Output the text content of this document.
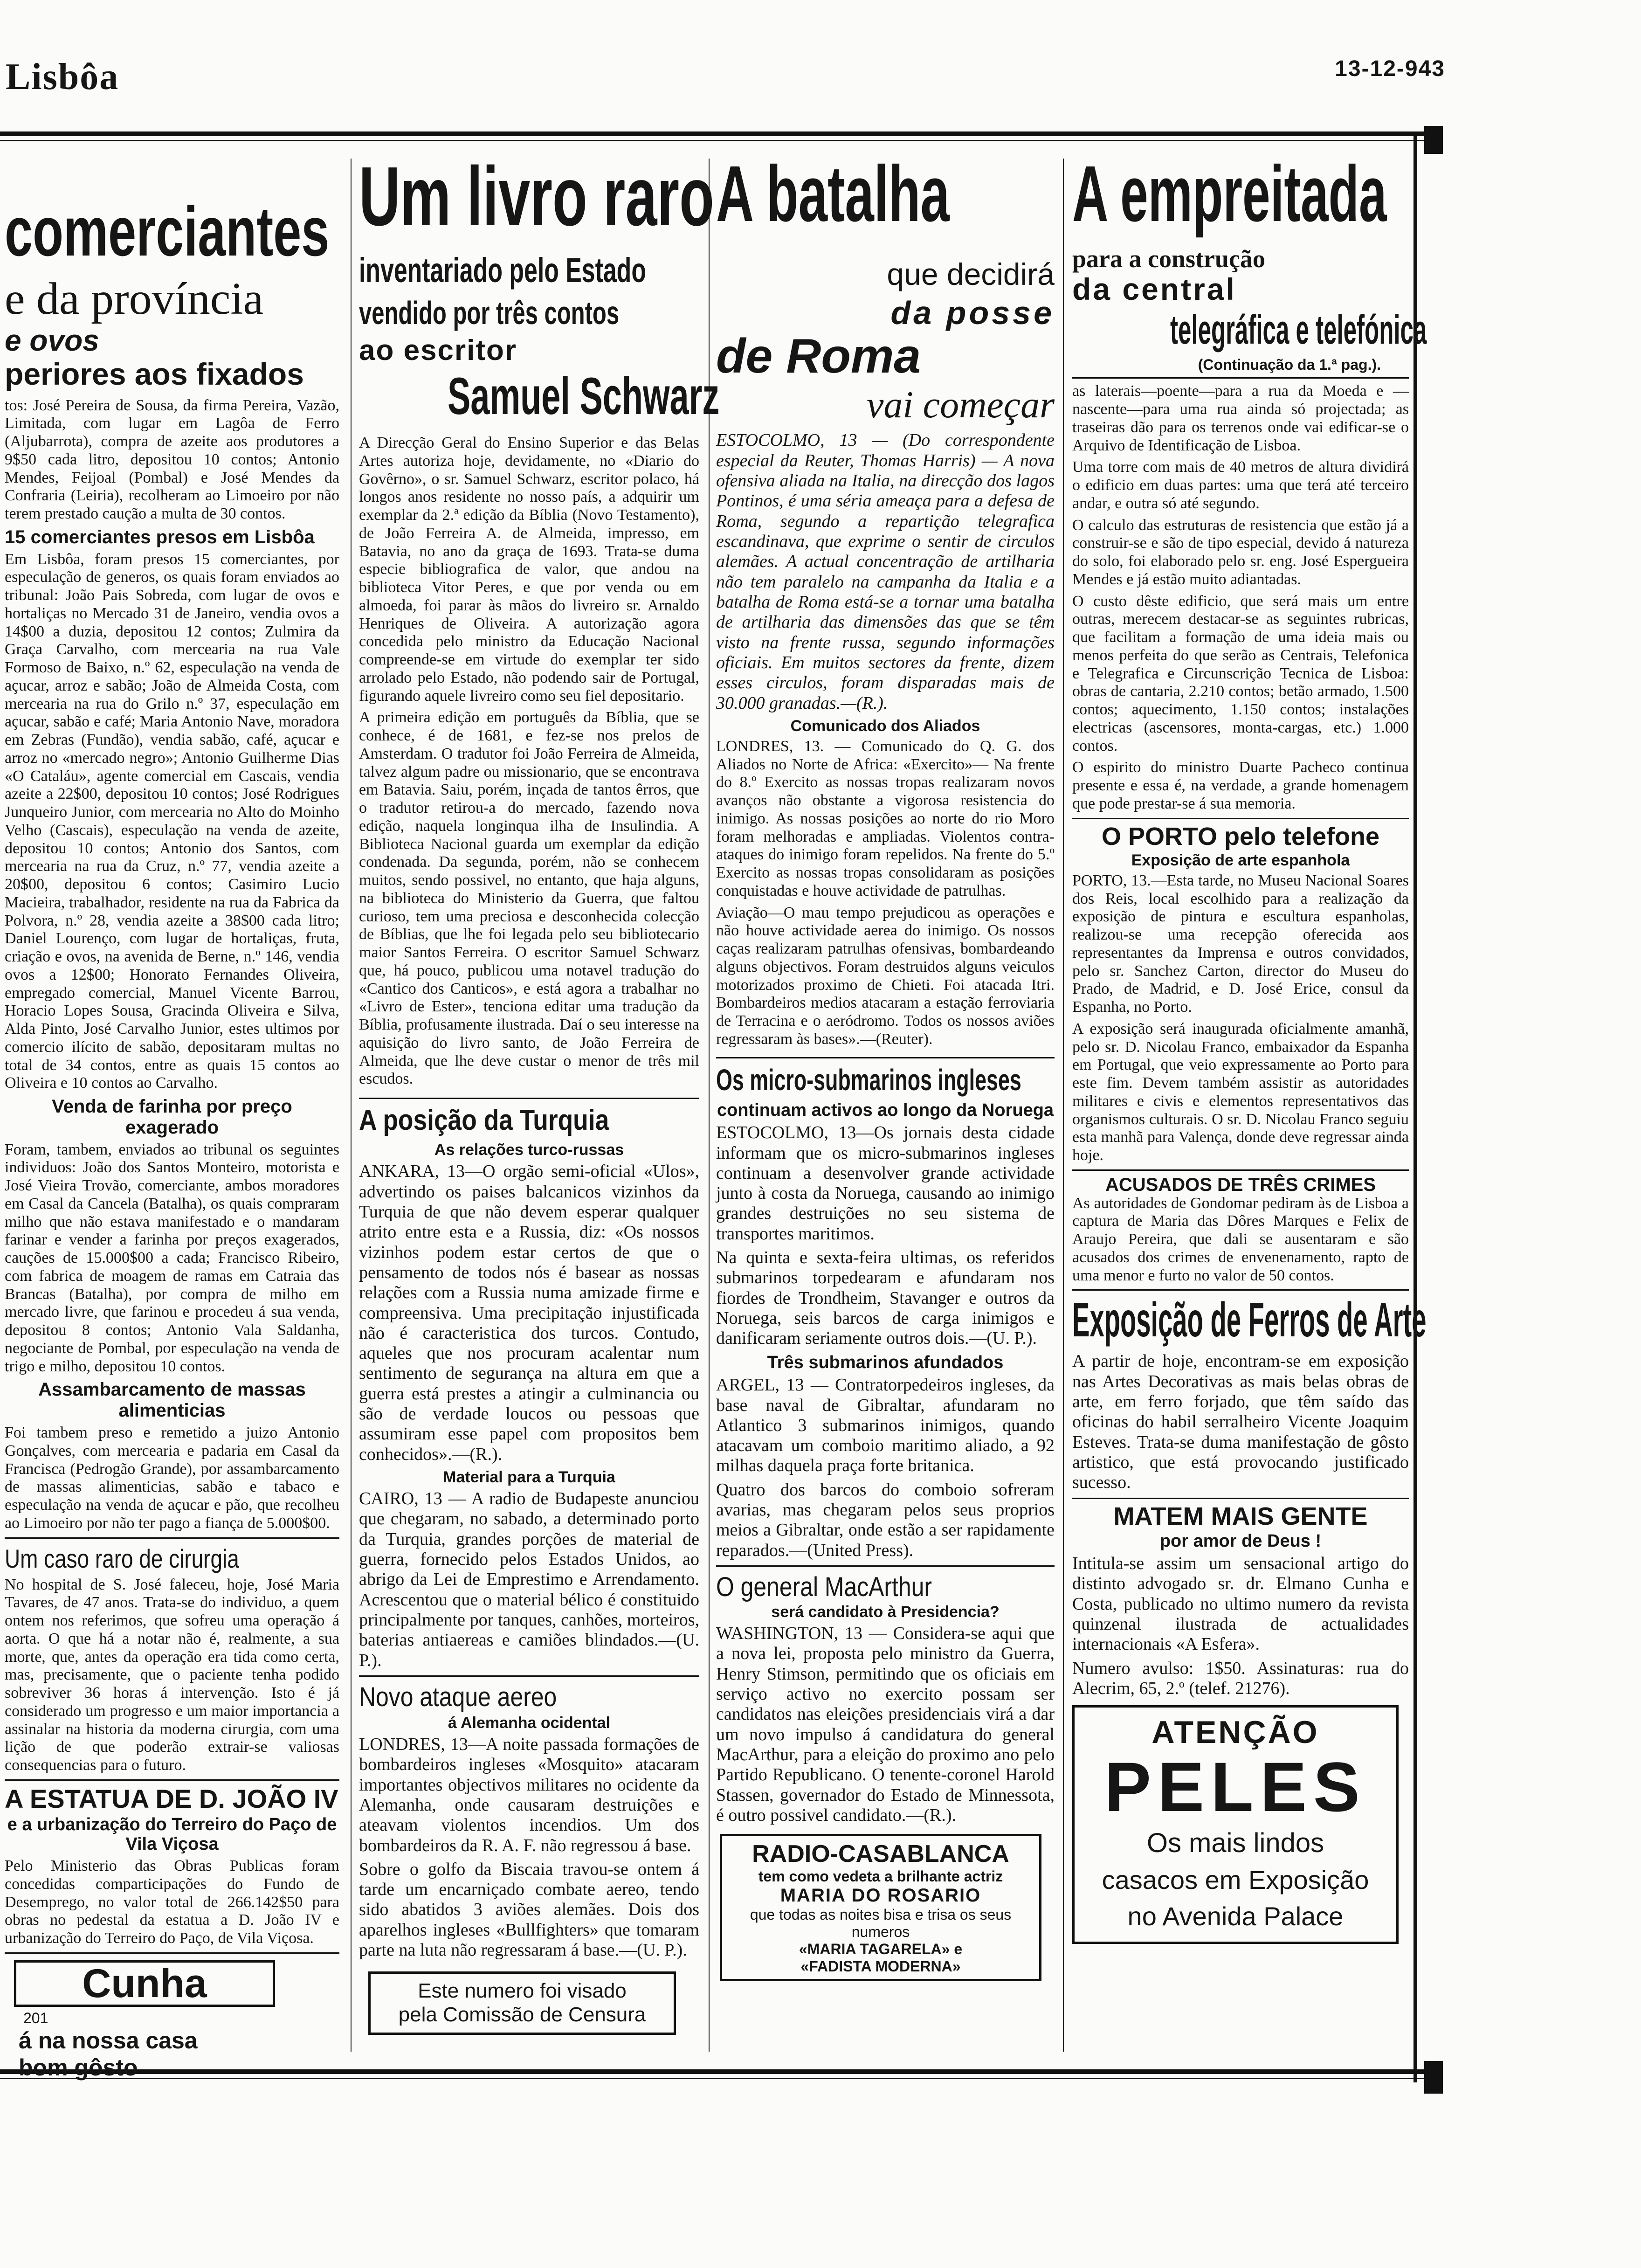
Lisbôa	13-12-943
comerciantes
e da província
e ovos
periores aos fixados

tos: José Pereira de Sousa, da firma Pereira, Vazão, Limitada, com lugar em Lagôa de Ferro (Aljubarrota), compra de azeite aos produtores a 9$50 cada litro, depositou 10 contos; Antonio Mendes, Feijoal (Pombal) e José Mendes da Confraria (Leiria), recolheram ao Limoeiro por não terem prestado caução a multa de 30 contos.

15 comerciantes presos em Lisbôa

Em Lisbôa, foram presos 15 comerciantes, por especulação de generos, os quais foram enviados ao tribunal: João Pais Sobreda, com lugar de ovos e hortaliças no Mercado 31 de Janeiro, vendia ovos a 14$00 a duzia, depositou 12 contos; Zulmira da Graça Carvalho, com mercearia na rua Vale Formoso de Baixo, n.º 62, especulação na venda de açucar, arroz e sabão; João de Almeida Costa, com mercearia na rua do Grilo n.º 37, especulação em açucar, sabão e café; Maria Antonio Nave, moradora em Zebras (Fundão), vendia sabão, café, açucar e arroz no «mercado negro»; Antonio Guilherme Dias «O Cataláu», agente comercial em Cascais, vendia azeite a 22$00, depositou 10 contos; José Rodrigues Junqueiro Junior, com mercearia no Alto do Moinho Velho (Cascais), especulação na venda de azeite, depositou 10 contos; Antonio dos Santos, com mercearia na rua da Cruz, n.º 77, vendia azeite a 20$00, depositou 6 contos; Casimiro Lucio Macieira, trabalhador, residente na rua da Fabrica da Polvora, n.º 28, vendia azeite a 38$00 cada litro; Daniel Lourenço, com lugar de hortaliças, fruta, criação e ovos, na avenida de Berne, n.º 146, vendia ovos a 12$00; Honorato Fernandes Oliveira, empregado comercial, Manuel Vicente Barrou, Horacio Lopes Sousa, Gracinda Oliveira e Silva, Alda Pinto, José Carvalho Junior, estes ultimos por comercio ilícito de sabão, depositaram multas no total de 34 contos, entre as quais 15 contos ao Oliveira e 10 contos ao Carvalho.

Venda de farinha por preço exagerado

Foram, tambem, enviados ao tribunal os seguintes individuos: João dos Santos Monteiro, motorista e José Vieira Trovão, comerciante, ambos moradores em Casal da Cancela (Batalha), os quais compraram milho que não estava manifestado e o mandaram farinar e vender a farinha por preços exagerados, cauções de 15.000$00 a cada; Francisco Ribeiro, com fabrica de moagem de ramas em Catraia das Brancas (Batalha), por compra de milho em mercado livre, que farinou e procedeu á sua venda, depositou 8 contos; Antonio Vala Saldanha, negociante de Pombal, por especulação na venda de trigo e milho, depositou 10 contos.

Assambarcamento de massas alimenticias

Foi tambem preso e remetido a juizo Antonio Gonçalves, com mercearia e padaria em Casal da Francisca (Pedrogão Grande), por assambarcamento de massas alimenticias, sabão e tabaco e especulação na venda de açucar e pão, que recolheu ao Limoeiro por não ter pago a fiança de 5.000$00.

Um caso raro de cirurgia

No hospital de S. José faleceu, hoje, José Maria Tavares, de 47 anos. Trata-se do individuo, a quem ontem nos referimos, que sofreu uma operação á aorta. O que há a notar não é, realmente, a sua morte, que, antes da operação era tida como certa, mas, precisamente, que o paciente tenha podido sobreviver 36 horas á intervenção. Isto é já considerado um progresso e um maior importancia a assinalar na historia da moderna cirurgia, com uma lição de que poderão extrair-se valiosas consequencias para o futuro.

A ESTATUA DE D. JOÃO IV
e a urbanização do Terreiro do Paço de Vila Viçosa

Pelo Ministerio das Obras Publicas foram concedidas comparticipações do Fundo de Desemprego, no valor total de 266.142$50 para obras no pedestal da estatua a D. João IV e urbanização do Terreiro do Paço, de Vila Viçosa.

Cunha
201
á na nossa casa
bom gôsto
Um livro raro
inventariado pelo Estado
vendido por três contos
ao escritor
Samuel Schwarz

A Direcção Geral do Ensino Superior e das Belas Artes autoriza hoje, devidamente, no «Diario do Govêrno», o sr. Samuel Schwarz, escritor polaco, há longos anos residente no nosso país, a adquirir um exemplar da 2.ª edição da Bíblia (Novo Testamento), de João Ferreira A. de Almeida, impresso, em Batavia, no ano da graça de 1693. Trata-se duma especie bibliografica de valor, que andou na biblioteca Vitor Peres, e que por venda ou em almoeda, foi parar às mãos do livreiro sr. Arnaldo Henriques de Oliveira. A autorização agora concedida pelo ministro da Educação Nacional compreende-se em virtude do exemplar ter sido arrolado pelo Estado, não podendo sair de Portugal, figurando aquele livreiro como seu fiel depositario.

A primeira edição em português da Bíblia, que se conhece, é de 1681, e fez-se nos prelos de Amsterdam. O tradutor foi João Ferreira de Almeida, talvez algum padre ou missionario, que se encontrava em Batavia. Saiu, porém, inçada de tantos êrros, que o tradutor retirou-a do mercado, fazendo nova edição, naquela longinqua ilha de Insulindia. A Biblioteca Nacional guarda um exemplar da edição condenada. Da segunda, porém, não se conhecem muitos, sendo possivel, no entanto, que haja alguns, na biblioteca do Ministerio da Guerra, que faltou curioso, tem uma preciosa e desconhecida colecção de Bíblias, que lhe foi legada pelo seu bibliotecario maior Santos Ferreira. O escritor Samuel Schwarz que, há pouco, publicou uma notavel tradução do «Cantico dos Canticos», e está agora a trabalhar no «Livro de Ester», tenciona editar uma tradução da Bíblia, profusamente ilustrada. Daí o seu interesse na aquisição do livro santo, de João Ferreira de Almeida, que lhe deve custar o menor de três mil escudos.

A posição da Turquia
As relações turco-russas

ANKARA, 13—O orgão semi-oficial «Ulos», advertindo os paises balcanicos vizinhos da Turquia de que não devem esperar qualquer atrito entre esta e a Russia, diz: «Os nossos vizinhos podem estar certos de que o pensamento de todos nós é basear as nossas relações com a Russia numa amizade firme e compreensiva. Uma precipitação injustificada não é caracteristica dos turcos. Contudo, aqueles que nos procuram acalentar num sentimento de segurança na altura em que a guerra está prestes a atingir a culminancia ou são de verdade loucos ou pessoas que assumiram esse papel com propositos bem conhecidos».—(R.).

Material para a Turquia

CAIRO, 13 — A radio de Budapeste anunciou que chegaram, no sabado, a determinado porto da Turquia, grandes porções de material de guerra, fornecido pelos Estados Unidos, ao abrigo da Lei de Emprestimo e Arrendamento. Acrescentou que o material bélico é constituido principalmente por tanques, canhões, morteiros, baterias antiaereas e camiões blindados.—(U. P.).

Novo ataque aereo
á Alemanha ocidental

LONDRES, 13—A noite passada formações de bombardeiros ingleses «Mosquito» atacaram importantes objectivos militares no ocidente da Alemanha, onde causaram destruições e ateavam violentos incendios. Um dos bombardeiros da R. A. F. não regressou á base.

Sobre o golfo da Biscaia travou-se ontem á tarde um encarniçado combate aereo, tendo sido abatidos 3 aviões alemães. Dois dos aparelhos ingleses «Bullfighters» que tomaram parte na luta não regressaram á base.—(U. P.).

Este numero foi visado
pela Comissão de Censura
A batalha
que decidirá
da posse
de Roma
vai começar

ESTOCOLMO, 13 — (Do correspondente especial da Reuter, Thomas Harris) — A nova ofensiva aliada na Italia, na direcção dos lagos Pontinos, é uma séria ameaça para a defesa de Roma, segundo a repartição telegrafica escandinava, que exprime o sentir de circulos alemães. A actual concentração de artilharia não tem paralelo na campanha da Italia e a batalha de Roma está-se a tornar uma batalha de artilharia das dimensões das que se têm visto na frente russa, segundo informações oficiais. Em muitos sectores da frente, dizem esses circulos, foram disparadas mais de 30.000 granadas.—(R.).

Comunicado dos Aliados

LONDRES, 13. — Comunicado do Q. G. dos Aliados no Norte de Africa: «Exercito»— Na frente do 8.º Exercito as nossas tropas realizaram novos avanços não obstante a vigorosa resistencia do inimigo. As nossas posições ao norte do rio Moro foram melhoradas e ampliadas. Violentos contra-ataques do inimigo foram repelidos. Na frente do 5.º Exercito as nossas tropas consolidaram as posições conquistadas e houve actividade de patrulhas.

Aviação—O mau tempo prejudicou as operações e não houve actividade aerea do inimigo. Os nossos caças realizaram patrulhas ofensivas, bombardeando alguns objectivos. Foram destruidos alguns veiculos motorizados proximo de Chieti. Foi atacada Itri. Bombardeiros medios atacaram a estação ferroviaria de Terracina e o aeródromo. Todos os nossos aviões regressaram às bases».—(Reuter).

Os micro-submarinos ingleses
continuam activos ao longo da Noruega

ESTOCOLMO, 13—Os jornais desta cidade informam que os micro-submarinos ingleses continuam a desenvolver grande actividade junto à costa da Noruega, causando ao inimigo grandes destruições no seu sistema de transportes maritimos.

Na quinta e sexta-feira ultimas, os referidos submarinos torpedearam e afundaram nos fiordes de Trondheim, Stavanger e outros da Noruega, seis barcos de carga inimigos e danificaram seriamente outros dois.—(U. P.).

Três submarinos afundados

ARGEL, 13 — Contratorpedeiros ingleses, da base naval de Gibraltar, afundaram no Atlantico 3 submarinos inimigos, quando atacavam um comboio maritimo aliado, a 92 milhas daquela praça forte britanica.

Quatro dos barcos do comboio sofreram avarias, mas chegaram pelos seus proprios meios a Gibraltar, onde estão a ser rapidamente reparados.—(United Press).

O general MacArthur
será candidato à Presidencia?

WASHINGTON, 13 — Considera-se aqui que a nova lei, proposta pelo ministro da Guerra, Henry Stimson, permitindo que os oficiais em serviço activo no exercito possam ser candidatos nas eleições presidenciais virá a dar um novo impulso á candidatura do general MacArthur, para a eleição do proximo ano pelo Partido Republicano. O tenente-coronel Harold Stassen, governador do Estado de Minnessota, é outro possivel candidato.—(R.).

RADIO-CASABLANCA
tem como vedeta a brilhante actriz
MARIA DO ROSARIO
que todas as noites bisa e trisa os seus numeros
«MARIA TAGARELA» e
«FADISTA MODERNA»
A empreitada
para a construção
da central
telegráfica e telefónica
(Continuação da 1.ª pag.).

as laterais—poente—para a rua da Moeda e —nascente—para uma rua ainda só projectada; as traseiras dão para os terrenos onde vai edificar-se o Arquivo de Identificação de Lisboa.

Uma torre com mais de 40 metros de altura dividirá o edificio em duas partes: uma que terá até terceiro andar, e outra só até segundo.

O calculo das estruturas de resistencia que estão já a construir-se e são de tipo especial, devido á natureza do solo, foi elaborado pelo sr. eng. José Espergueira Mendes e já estão muito adiantadas.

O custo dêste edificio, que será mais um entre outras, merecem destacar-se as seguintes rubricas, que facilitam a formação de uma ideia mais ou menos perfeita do que serão as Centrais, Telefonica e Telegrafica e Circunscrição Tecnica de Lisboa: obras de cantaria, 2.210 contos; betão armado, 1.500 contos; aquecimento, 1.150 contos; instalações electricas (ascensores, monta-cargas, etc.) 1.000 contos.

O espirito do ministro Duarte Pacheco continua presente e essa é, na verdade, a grande homenagem que pode prestar-se á sua memoria.

O PORTO pelo telefone
Exposição de arte espanhola

PORTO, 13.—Esta tarde, no Museu Nacional Soares dos Reis, local escolhido para a realização da exposição de pintura e escultura espanholas, realizou-se uma recepção oferecida aos representantes da Imprensa e outros convidados, pelo sr. Sanchez Carton, director do Museu do Prado, de Madrid, e D. José Erice, consul da Espanha, no Porto.

A exposição será inaugurada oficialmente amanhã, pelo sr. D. Nicolau Franco, embaixador da Espanha em Portugal, que veio expressamente ao Porto para este fim. Devem também assistir as autoridades militares e civis e elementos representativos das organismos culturais. O sr. D. Nicolau Franco seguiu esta manhã para Valença, donde deve regressar ainda hoje.

ACUSADOS DE TRÊS CRIMES

As autoridades de Gondomar pediram às de Lisboa a captura de Maria das Dôres Marques e Felix de Araujo Pereira, que dali se ausentaram e são acusados dos crimes de envenenamento, rapto de uma menor e furto no valor de 50 contos.

Exposição de Ferros de Arte

A partir de hoje, encontram-se em exposição nas Artes Decorativas as mais belas obras de arte, em ferro forjado, que têm saído das oficinas do habil serralheiro Vicente Joaquim Esteves. Trata-se duma manifestação de gôsto artistico, que está provocando justificado sucesso.

MATEM MAIS GENTE
por amor de Deus !

Intitula-se assim um sensacional artigo do distinto advogado sr. dr. Elmano Cunha e Costa, publicado no ultimo numero da revista quinzenal ilustrada de actualidades internacionais «A Esfera».

Numero avulso: 1$50. Assinaturas: rua do Alecrim, 65, 2.º (telef. 21276).

ATENÇÃO
PELES
Os mais lindos
casacos em Exposição
no Avenida Palace
